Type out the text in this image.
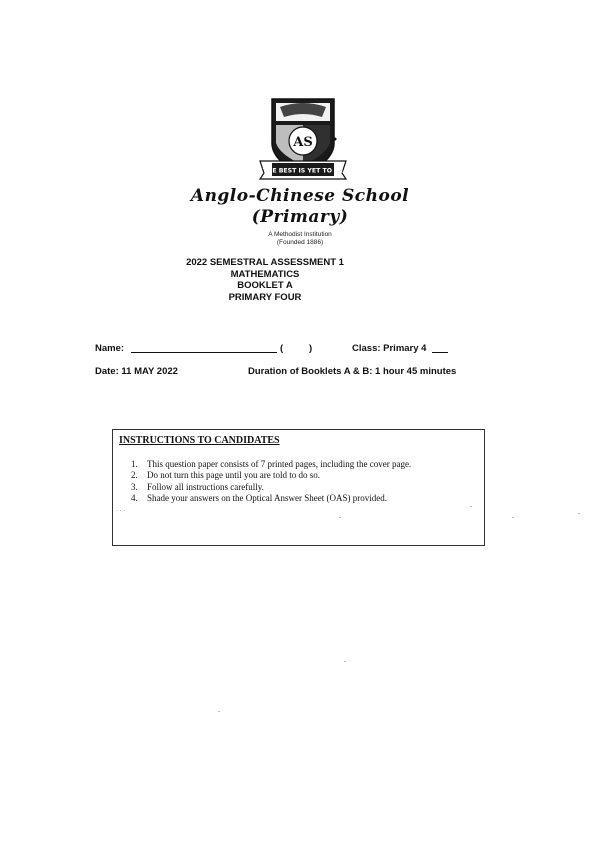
AS
THE BEST IS YET TO BE
●
Anglo-Chinese School
(Primary)
A Methodist Institution
(Founded 1886)
2022 SEMESTRAL ASSESSMENT 1
MATHEMATICS
BOOKLET A
PRIMARY FOUR
Name:	(	)	Class: Primary 4
Date: 11 MAY 2022	Duration of Booklets A & B: 1 hour 45 minutes
INSTRUCTIONS TO CANDIDATES
1. This question paper consists of 7 printed pages, including the cover page.
2. Do not turn this page until you are told to do so.
3. Follow all instructions carefully.
4. Shade your answers on the Optical Answer Sheet (OAS) provided.
· · ·
-
-
-
-
-
-
